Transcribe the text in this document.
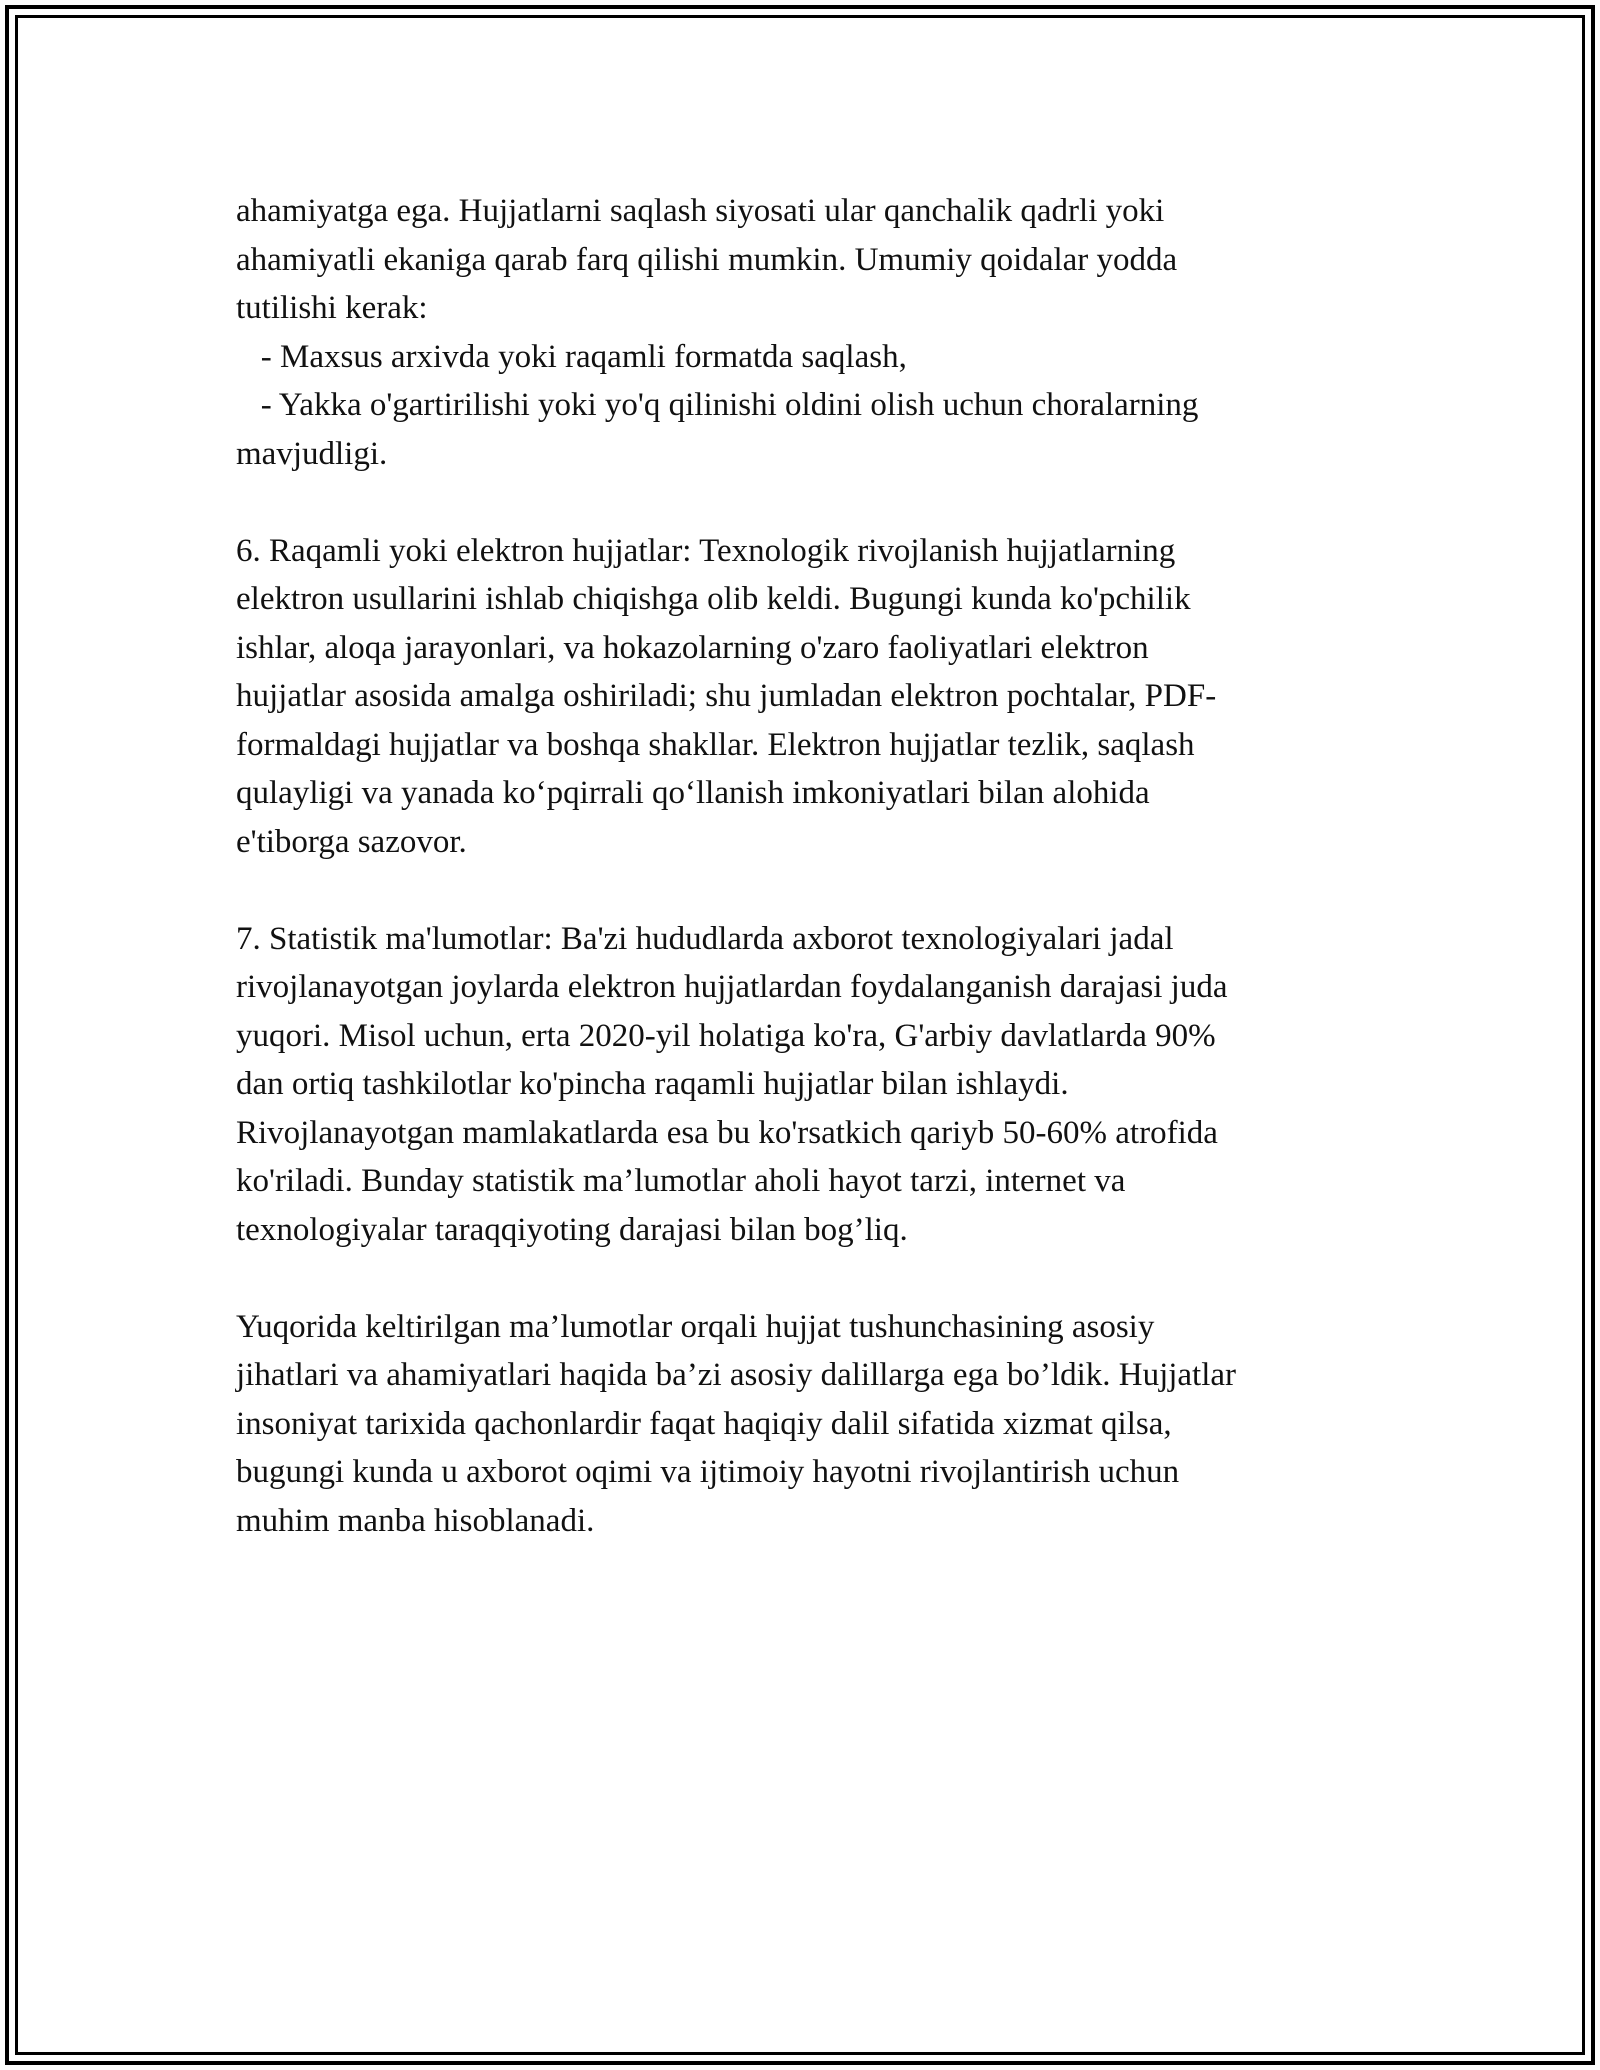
ahamiyatga ega. Hujjatlarni saqlash siyosati ular qanchalik qadrli yoki
ahamiyatli ekaniga qarab farq qilishi mumkin. Umumiy qoidalar yodda
tutilishi kerak:
- Maxsus arxivda yoki raqamli formatda saqlash,
- Yakka o'gartirilishi yoki yo'q qilinishi oldini olish uchun choralarning
mavjudligi.
6. Raqamli yoki elektron hujjatlar: Texnologik rivojlanish hujjatlarning
elektron usullarini ishlab chiqishga olib keldi. Bugungi kunda ko'pchilik
ishlar, aloqa jarayonlari, va hokazolarning o'zaro faoliyatlari elektron
hujjatlar asosida amalga oshiriladi; shu jumladan elektron pochtalar, PDF-
formaldagi hujjatlar va boshqa shakllar. Elektron hujjatlar tezlik, saqlash
qulayligi va yanada ko‘pqirrali qo‘llanish imkoniyatlari bilan alohida
e'tiborga sazovor.
7. Statistik ma'lumotlar: Ba'zi hududlarda axborot texnologiyalari jadal
rivojlanayotgan joylarda elektron hujjatlardan foydalanganish darajasi juda
yuqori. Misol uchun, erta 2020-yil holatiga ko'ra, G'arbiy davlatlarda 90%
dan ortiq tashkilotlar ko'pincha raqamli hujjatlar bilan ishlaydi.
Rivojlanayotgan mamlakatlarda esa bu ko'rsatkich qariyb 50-60% atrofida
ko'riladi. Bunday statistik ma’lumotlar aholi hayot tarzi, internet va
texnologiyalar taraqqiyoting darajasi bilan bog’liq.
Yuqorida keltirilgan ma’lumotlar orqali hujjat tushunchasining asosiy
jihatlari va ahamiyatlari haqida ba’zi asosiy dalillarga ega bo’ldik. Hujjatlar
insoniyat tarixida qachonlardir faqat haqiqiy dalil sifatida xizmat qilsa,
bugungi kunda u axborot oqimi va ijtimoiy hayotni rivojlantirish uchun
muhim manba hisoblanadi.
